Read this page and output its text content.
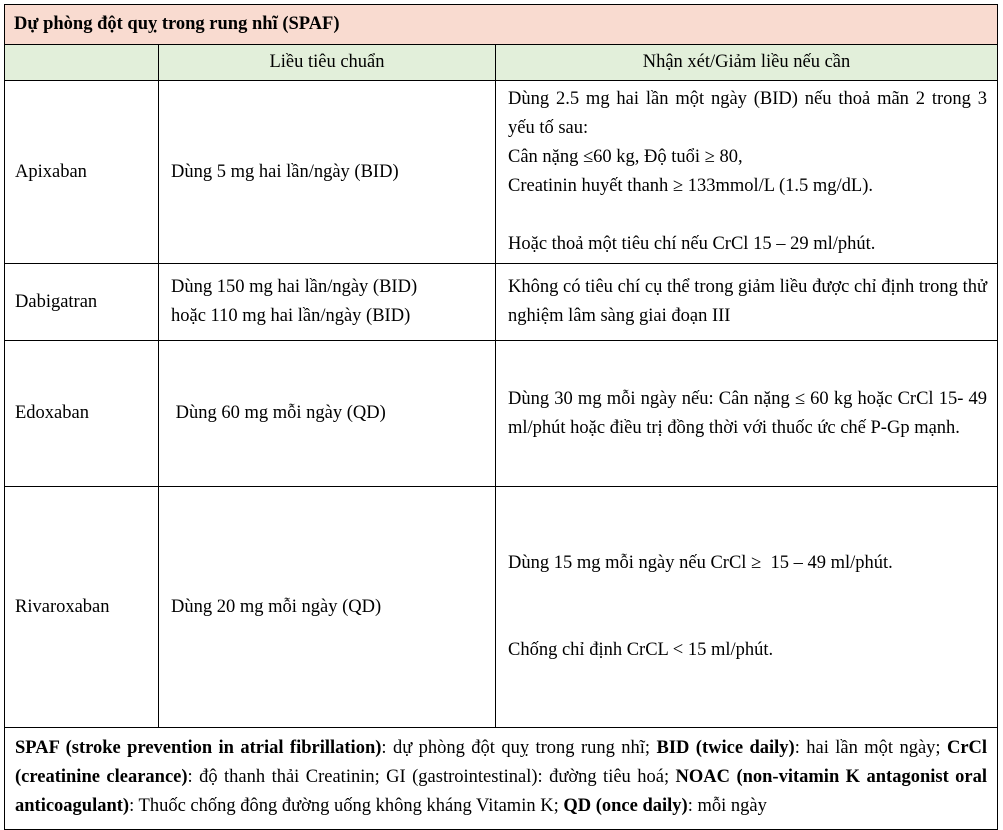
Dự phòng đột quỵ trong rung nhĩ (SPAF)		
	Liều tiêu chuẩn	Nhận xét/Giảm liều nếu cần
Apixaban	Dùng 5 mg hai lần/ngày (BID)	Dùng 2.5 mg hai lần một ngày (BID) nếu thoả mãn 2 trong 3 yếu tố sau:
Cân nặng ≤60 kg, Độ tuổi ≥ 80,
Creatinin huyết thanh ≥ 133mmol/L (1.5 mg/dL).
Hoặc thoả một tiêu chí nếu CrCl 15 – 29 ml/phút.

Dabigatran	Dùng 150 mg hai lần/ngày (BID)
hoặc 110 mg hai lần/ngày (BID)	Không có tiêu chí cụ thể trong giảm liều được chỉ định trong thử nghiệm lâm sàng giai đoạn III

Edoxaban	Dùng 60 mg mỗi ngày (QD)	Dùng 30 mg mỗi ngày nếu: Cân nặng ≤ 60 kg hoặc CrCl 15- 49 ml/phút hoặc điều trị đồng thời với thuốc ức chế P-Gp mạnh.

Rivaroxaban	Dùng 20 mg mỗi ngày (QD)	Dùng 15 mg mỗi ngày nếu CrCl ≥  15 – 49 ml/phút.

Chống chỉ định CrCL < 15 ml/phút.

SPAF (stroke prevention in atrial fibrillation): dự phòng đột quỵ trong rung nhĩ; BID (twice daily): hai lần một ngày; CrCl (creatinine clearance): độ thanh thải Creatinin; GI (gastrointestinal): đường tiêu hoá; NOAC (non-vitamin K antagonist oral anticoagulant): Thuốc chống đông đường uống không kháng Vitamin K; QD (once daily): mỗi ngày		
